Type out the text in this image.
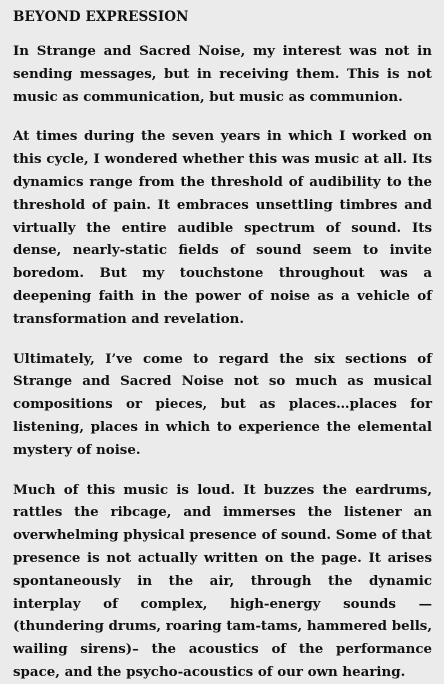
BEYOND EXPRESSION

In Strange and Sacred Noise, my interest was not in sending messages, but in receiving them. This is not music as communication, but music as communion.

At times during the seven years in which I worked on this cycle, I wondered whether this was music at all. Its dynamics range from the threshold of audibility to the threshold of pain. It embraces unsettling timbres and virtually the entire audible spectrum of sound. Its dense, nearly-static fields of sound seem to invite boredom. But my touchstone throughout was a deepening faith in the power of noise as a vehicle of transformation and revelation.

Ultimately, I’ve come to regard the six sections of Strange and Sacred Noise not so much as musical compositions or pieces, but as places…places for listening, places in which to experience the elemental mystery of noise.

Much of this music is loud. It buzzes the eardrums, rattles the ribcage, and immerses the listener an overwhelming physical presence of sound. Some of that presence is not actually written on the page. It arises spontaneously in the air, through the dynamic interplay of complex, high-energy sounds — (thundering drums, roaring tam-tams, hammered bells, wailing sirens)– the acoustics of the performance space, and the psycho-acoustics of our own hearing.
